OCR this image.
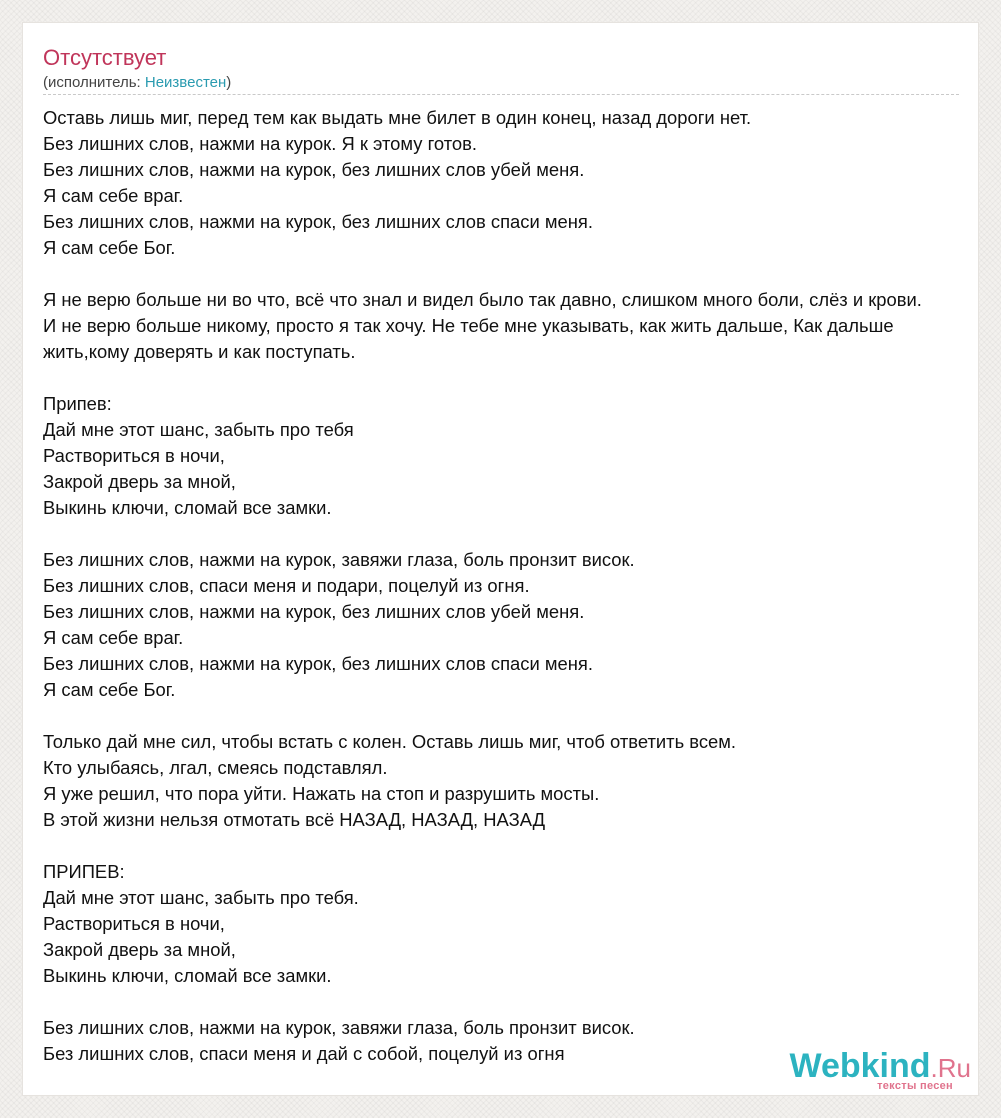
Отсутствует
(исполнитель: Неизвестен)
Оставь лишь миг, перед тем как выдать мне билет в один конец, назад дороги нет.
Без лишних слов, нажми на курок. Я к этому готов.
Без лишних слов, нажми на курок, без лишних слов убей меня.
Я сам себе враг.
Без лишних слов, нажми на курок, без лишних слов спаси меня.
Я сам себе Бог.
Я не верю больше ни во что, всё что знал и видел было так давно, слишком много боли, слёз и крови.
И не верю больше никому, просто я так хочу. Не тебе мне указывать, как жить дальше, Как дальше
жить,кому доверять и как поступать.
Припев:
Дай мне этот шанс, забыть про тебя
Раствориться в ночи,
Закрой дверь за мной,
Выкинь ключи, сломай все замки.
Без лишних слов, нажми на курок, завяжи глаза, боль пронзит висок.
Без лишних слов, спаси меня и подари, поцелуй из огня.
Без лишних слов, нажми на курок, без лишних слов убей меня.
Я сам себе враг.
Без лишних слов, нажми на курок, без лишних слов спаси меня.
Я сам себе Бог.
Только дай мне сил, чтобы встать с колен. Оставь лишь миг, чтоб ответить всем.
Кто улыбаясь, лгал, смеясь подставлял.
Я уже решил, что пора уйти. Нажать на стоп и разрушить мосты.
В этой жизни нельзя отмотать всё НАЗАД, НАЗАД, НАЗАД
ПРИПЕВ:
Дай мне этот шанс, забыть про тебя.
Раствориться в ночи,
Закрой дверь за мной,
Выкинь ключи, сломай все замки.
Без лишних слов, нажми на курок, завяжи глаза, боль пронзит висок.
Без лишних слов, спаси меня и дай с собой, поцелуй из огня	Webkind.Ru
тексты песен
